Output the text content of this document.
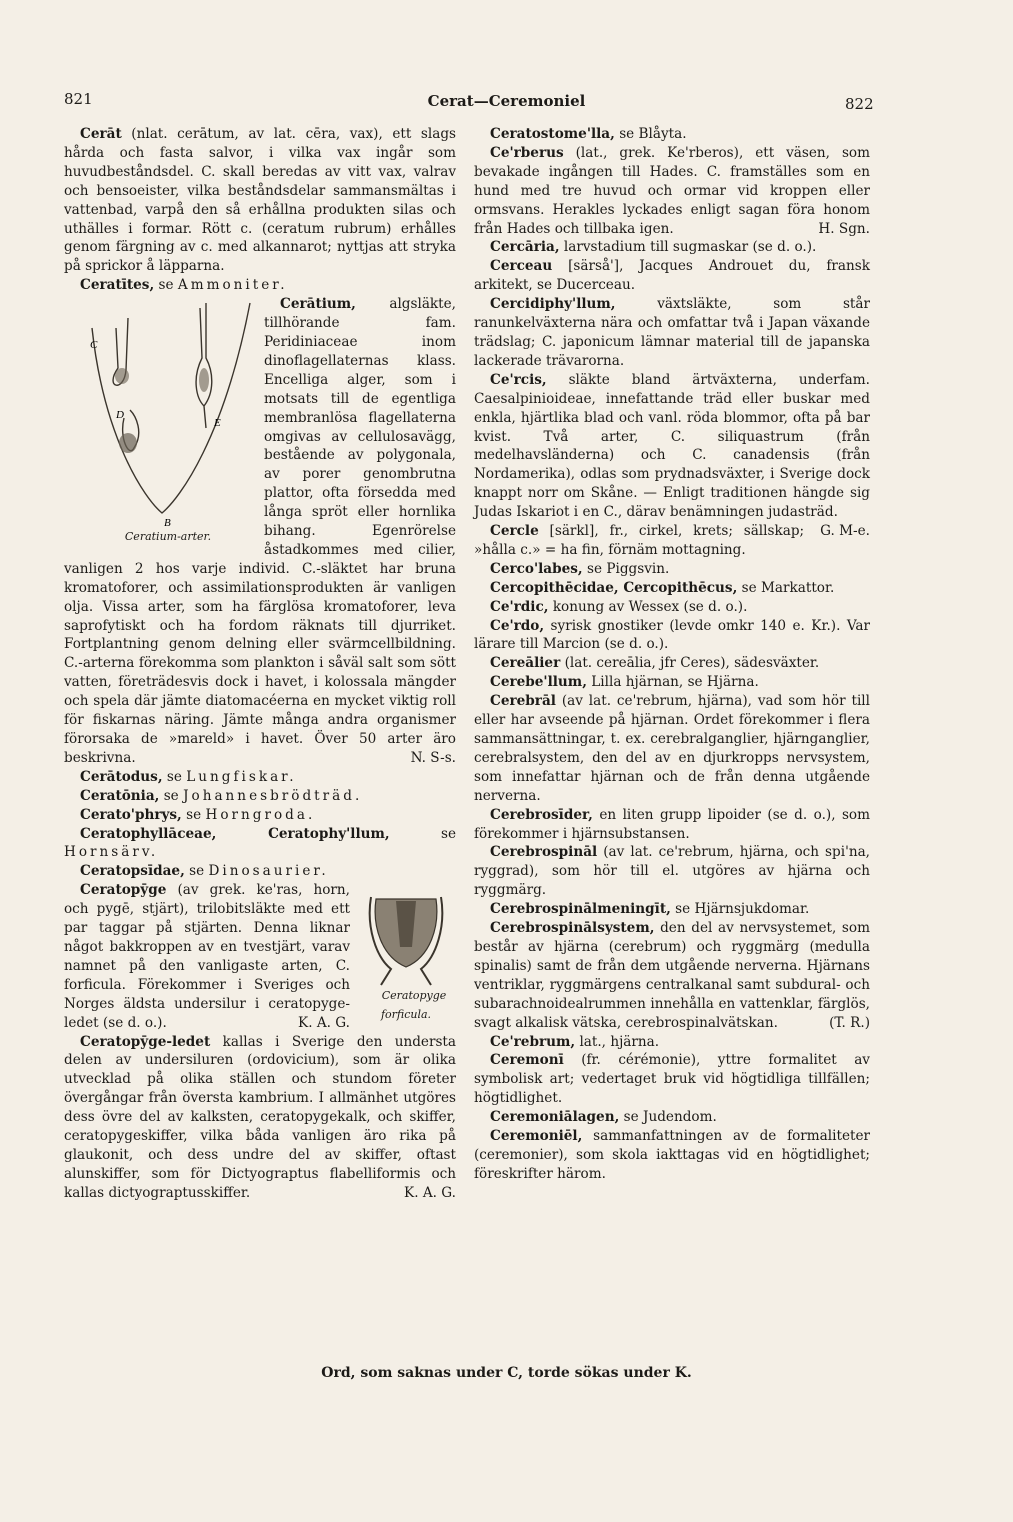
821	Cerat—Ceremoniel	822

Cerāt (nlat. cerātum, av lat. cēra, vax), ett slags hårda och fasta salvor, i vilka vax ingår som huvudbeståndsdel. C. skall beredas av vitt vax, valrav och bensoeister, vilka beståndsdelar sammansmältas i vattenbad, varpå den så erhållna produkten silas och uthälles i formar. Rött c. (ceratum rubrum) erhålles genom färgning av c. med alkannarot; nyttjas att stryka på sprickor å läpparna.

Ceratītes, se Ammoniter.

Cerātium,
C
D
E
B
Ceratium-arter.
algsläkte, tillhörande fam. Peridiniaceae inom dinoflagellaternas klass. Encelliga alger, som i motsats till de egentliga membranlösa flagellaterna omgivas av cellulosavägg, bestående av polygonala, av porer genombrutna plattor, ofta försedda med långa spröt eller hornlika bihang. Egenrörelse åstadkommes med cilier, vanligen 2 hos varje individ. C.-släktet har bruna kromatoforer, och assimilationsprodukten är vanligen olja. Vissa arter, som ha färglösa kromatoforer, leva saprofytiskt och ha fordom räknats till djurriket. Fortplantning genom delning eller svärmcellbildning. C.-arterna förekomma som plankton i såväl salt som sött vatten, företrädesvis dock i havet, i kolossala mängder och spela där jämte diatomacéerna en mycket viktig roll för fiskarnas näring. Jämte många andra organismer förorsaka de »mareld» i havet. Över 50 arter äro beskrivna.	N. S-s.

Cerātodus, se Lungfiskar.

Ceratōnia, se Johannesbrödträd.

Cerato'phrys, se Horngroda.

Ceratophyllāceae, Ceratophy'llum,	se Hornsärv.

Ceratopsīdae, se Dinosaurier.

Ceratopyge forficula.
Ceratopȳge (av grek. ke'ras, horn, och pygē, stjärt), trilobitsläkte med ett par taggar på stjärten. Denna liknar något bakkroppen av en tvestjärt, varav namnet på den vanligaste arten, C. forficula. Förekommer i Sveriges och Norges äldsta undersilur i ceratopyge-ledet (se d. o.).	K. A. G.

Ceratopȳge-ledet kallas i Sverige den understa delen av undersiluren (ordovicium), som är olika utvecklad på olika ställen och stundom företer övergångar från översta kambrium. I allmänhet utgöres dess övre del av kalksten, ceratopygekalk, och skiffer, ceratopygeskiffer, vilka båda vanligen äro rika på glaukonit, och dess undre del av skiffer, oftast alunskiffer, som för Dictyograptus flabelliformis och kallas dictyograptusskiffer.	K. A. G.

Ceratostome'lla, se Blåyta.

Ce'rberus (lat., grek. Ke'rberos), ett väsen, som bevakade ingången till Hades. C. framställes som en hund med tre huvud och ormar vid kroppen eller ormsvans. Herakles lyckades enligt sagan föra honom från Hades och tillbaka igen.	H. Sgn.

Cercāria, larvstadium till sugmaskar (se d. o.).

Cerceau [särså'], Jacques Androuet du, fransk arkitekt, se Ducerceau.

Cercidiphy'llum,	växtsläkte, som står ranunkelväxterna nära och omfattar två i Japan växande trädslag; C. japonicum lämnar material till de japanska lackerade trävarorna.

Ce'rcis, släkte bland ärtväxterna, underfam. Caesalpinioideae, innefattande träd eller buskar med enkla, hjärtlika blad och vanl. röda blommor, ofta på bar kvist. Två arter, C. siliquastrum (från medelhavsländerna) och C. canadensis (från Nordamerika), odlas som prydnadsväxter, i Sverige dock knappt norr om Skåne. — Enligt traditionen hängde sig Judas Iskariot i en C., därav benämningen judasträd.
G. M-e.

Cercle [särkl], fr., cirkel, krets; sällskap; »hålla c.» = ha fin, förnäm mottagning.

Cerco'labes, se Piggsvin.

Cercopithēcidae, Cercopithēcus, se Markattor.

Ce'rdic, konung av Wessex (se d. o.).

Ce'rdo, syrisk gnostiker (levde omkr 140 e. Kr.). Var lärare till Marcion (se d. o.).

Cereālier (lat. cereālia, jfr Ceres), sädesväxter.

Cerebe'llum, Lilla hjärnan, se Hjärna.

Cerebrāl (av lat. ce'rebrum, hjärna), vad som hör till eller har avseende på hjärnan. Ordet förekommer i flera sammansättningar, t. ex. cerebralganglier, hjärnganglier, cerebralsystem, den del av en djurkropps nervsystem, som innefattar hjärnan och de från denna utgående nerverna.

Cerebrosīder, en liten grupp lipoider (se d. o.), som förekommer i hjärnsubstansen.

Cerebrospināl (av lat. ce'rebrum, hjärna, och spi'na, ryggrad), som hör till el. utgöres av hjärna och ryggmärg.

Cerebrospinālmeningīt, se Hjärnsjukdomar.

Cerebrospinālsystem, den del av nervsystemet, som består av hjärna (cerebrum) och ryggmärg (medulla spinalis) samt de från dem utgående nerverna. Hjärnans ventriklar, ryggmärgens centralkanal samt subdural- och subarachnoidealrummen innehålla en vattenklar, färglös, svagt alkalisk vätska, cerebrospinalvätskan.	(T. R.)

Ce'rebrum, lat., hjärna.

Ceremonī (fr. cérémonie), yttre formalitet av symbolisk art; vedertaget bruk vid högtidliga tillfällen; högtidlighet.

Ceremoniālagen, se Judendom.

Ceremoniēl, sammanfattningen av de formaliteter (ceremonier), som skola iakttagas vid en högtidlighet; föreskrifter härom.

Ord, som saknas under C, torde sökas under K.
